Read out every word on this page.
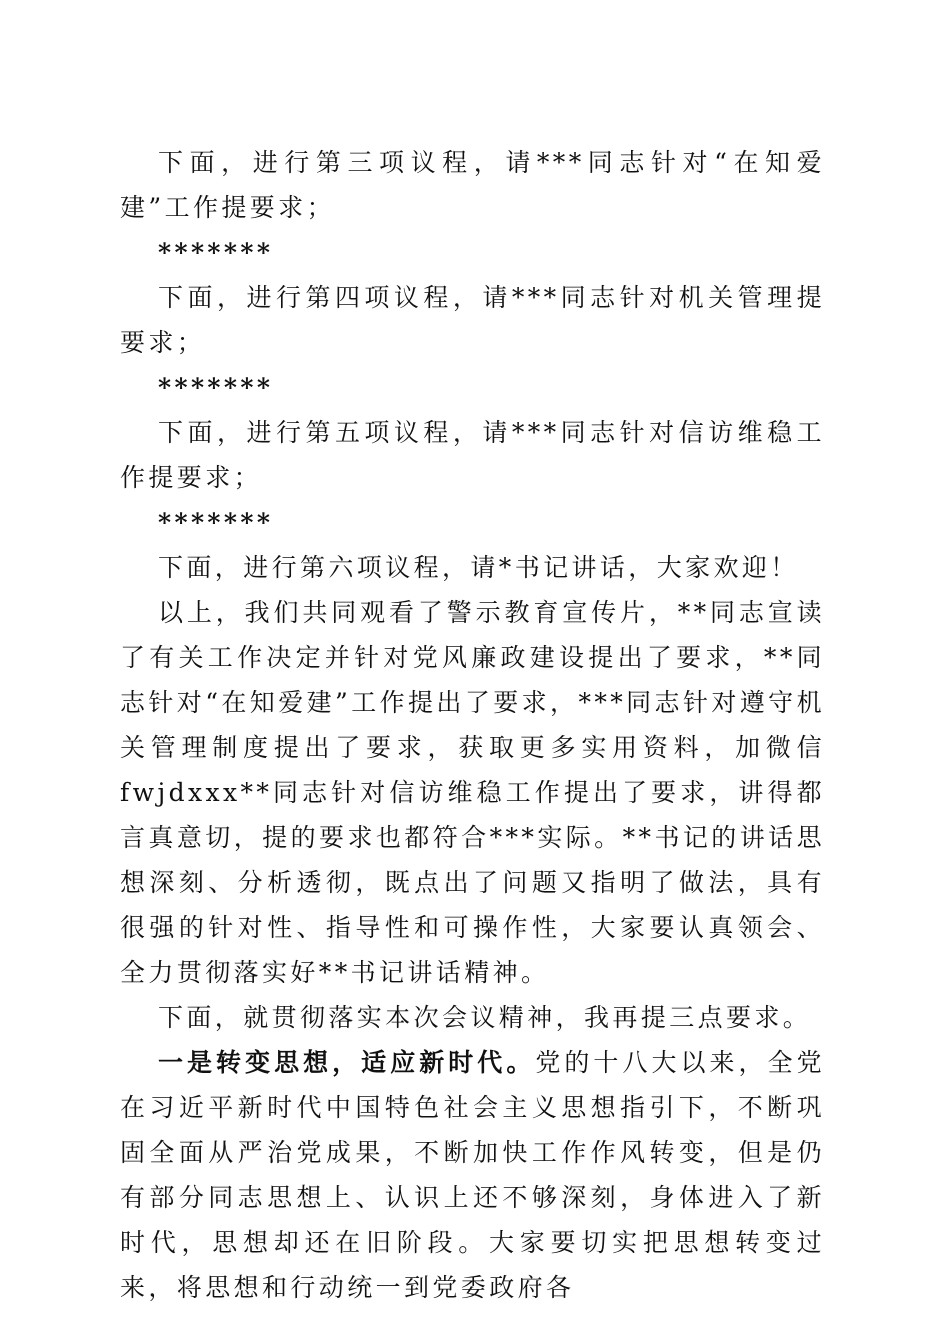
下面，进行第三项议程，请***同志针对“在知爱建”工作提要求；

*******

下面，进行第四项议程，请***同志针对机关管理提要求；

*******

下面，进行第五项议程，请***同志针对信访维稳工作提要求；

*******

下面，进行第六项议程，请*书记讲话，大家欢迎！

以上，我们共同观看了警示教育宣传片，**同志宣读了有关工作决定并针对党风廉政建设提出了要求，**同志针对“在知爱建”工作提出了要求，***同志针对遵守机关管理制度提出了要求，获取更多实用资料，加微信 fwjdxxx**同志针对信访维稳工作提出了要求，讲得都言真意切，提的要求也都符合***实际。**书记的讲话思想深刻、分析透彻，既点出了问题又指明了做法，具有很强的针对性、指导性和可操作性，大家要认真领会、全力贯彻落实好**书记讲话精神。

下面，就贯彻落实本次会议精神，我再提三点要求。

一是转变思想，适应新时代。党的十八大以来，全党在习近平新时代中国特色社会主义思想指引下，不断巩固全面从严治党成果，不断加快工作作风转变，但是仍有部分同志思想上、认识上还不够深刻，身体进入了新时代，思想却还在旧阶段。大家要切实把思想转变过来，将思想和行动统一到党委政府各
